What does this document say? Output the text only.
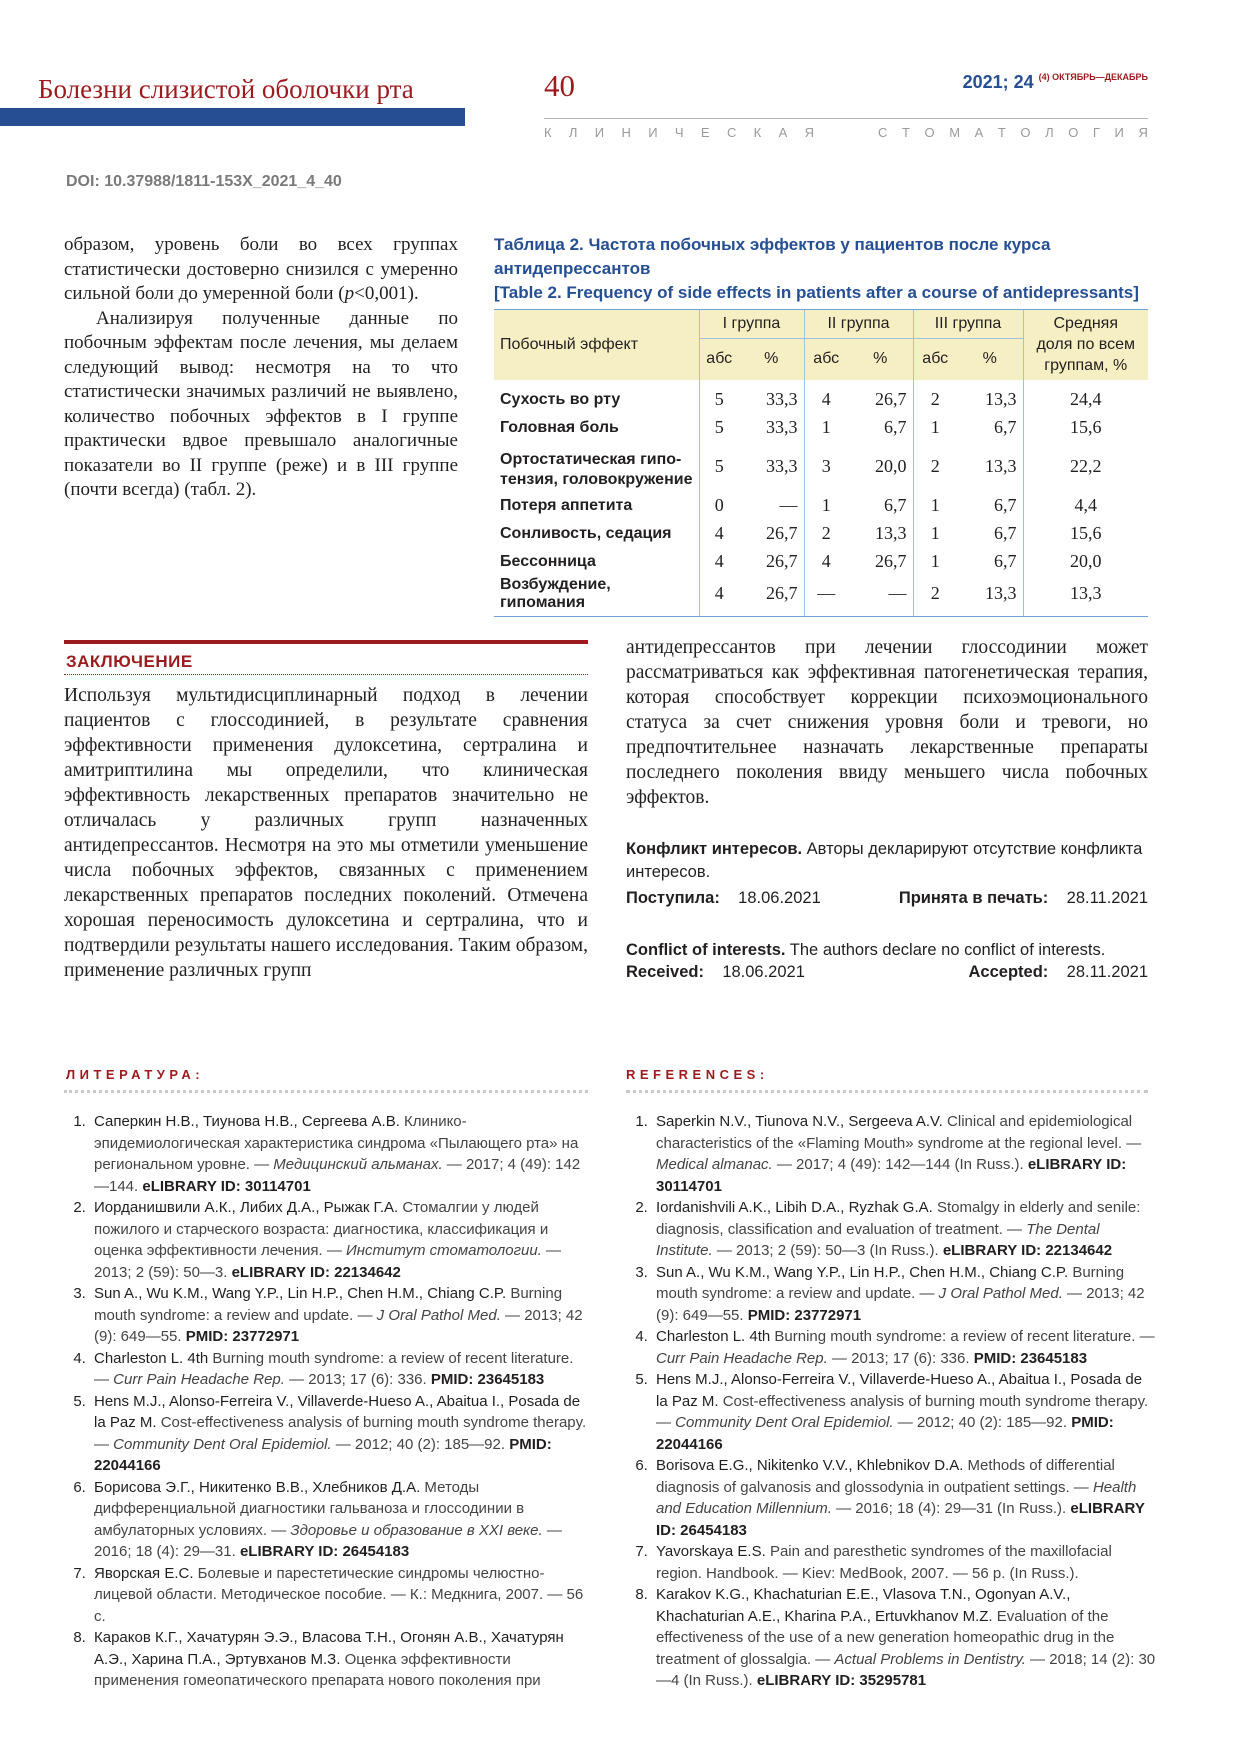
Болезни слизистой оболочки рта	40	2021; 24 $^{(4) ОКТЯБРЬ—ДЕКАБРЬ}$
К Л И Н И Ч Е С К А Я	С Т О М А Т О Л О Г И Я
DOI: 10.37988/1811-153X_2021_4_40

образом, уровень боли во всех группах статистически достоверно снизился с умеренно сильной боли до умеренной боли (p<0,001).

Анализируя полученные данные по побочным эффектам после лечения, мы делаем следующий вывод: несмотря на то что статистически значимых различий не выявлено, количество побочных эффектов в I группе практически вдвое превышало аналогичные показатели во II группе (реже) и в III группе (почти всегда) (табл. 2).

Таблица 2. Частота побочных эффектов у пациентов после курса
антидепрессантов
[Table 2. Frequency of side effects in patients after a course of antidepressants]
Побочный эффект	I группа		II группа		III группа		Средняя
доля по всем
группам, %
	абс	%	абс	%	абс	%	
Сухость во рту	5	33,3	4	26,7	2	13,3	24,4
Головная боль	5	33,3	1	6,7	1	6,7	15,6
Ортостатическая гипо-
тензия, головокружение	5	33,3	3	20,0	2	13,3	22,2
Потеря аппетита	0	—	1	6,7	1	6,7	4,4
Сонливость, седация	4	26,7	2	13,3	1	6,7	15,6
Бессонница	4	26,7	4	26,7	1	6,7	20,0
Возбуждение, гипомания	4	26,7	—	—	2	13,3	13,3
ЗАКЛЮЧЕНИЕ
Используя мультидисциплинарный подход в лечении пациентов с глоссодинией, в результате сравнения эффективности применения дулоксетина, сертралина и амитриптилина мы определили, что клиническая эффективность лекарственных препаратов значительно не отличалась у различных групп назначенных антидепрессантов. Несмотря на это мы отметили уменьшение числа побочных эффектов, связанных с применением лекарственных препаратов последних поколений. Отмечена хорошая переносимость дулоксетина и сертралина, что и подтвердили результаты нашего исследования. Таким образом, применение различных групп
антидепрессантов при лечении глоссодинии может рассматриваться как эффективная патогенетическая терапия, которая способствует коррекции психоэмоционального статуса за счет снижения уровня боли и тревоги, но предпочтительнее назначать лекарственные препараты последнего поколения ввиду меньшего числа побочных эффектов.
Конфликт интересов. Авторы декларируют отсутствие конфликта интересов.
Поступила: 18.06.2021	Принята в печать: 28.11.2021
Conflict of interests. The authors declare no conflict of interests.
Received: 18.06.2021	Accepted: 28.11.2021
ЛИТЕРАТУРА:
1. Саперкин Н.В., Тиунова Н.В., Сергеева А.В. Клинико-эпидемиологическая характеристика синдрома «Пылающего рта» на региональном уровне. — Медицинский альманах. — 2017; 4 (49): 142—144. eLIBRARY ID: 30114701
2. Иорданишвили А.К., Либих Д.А., Рыжак Г.А. Стомалгии у людей пожилого и старческого возраста: диагностика, классификация и оценка эффективности лечения. — Институт стоматологии. — 2013; 2 (59): 50—3. eLIBRARY ID: 22134642
3. Sun A., Wu K.M., Wang Y.P., Lin H.P., Chen H.M., Chiang C.P. Burning mouth syndrome: a review and update. — J Oral Pathol Med. — 2013; 42 (9): 649—55. PMID: 23772971
4. Charleston L. 4th Burning mouth syndrome: a review of recent literature. — Curr Pain Headache Rep. — 2013; 17 (6): 336. PMID: 23645183
5. Hens M.J., Alonso-Ferreira V., Villaverde-Hueso A., Abaitua I., Posada de la Paz M. Cost-effectiveness analysis of burning mouth syndrome therapy. — Community Dent Oral Epidemiol. — 2012; 40 (2): 185—92. PMID: 22044166
6. Борисова Э.Г., Никитенко В.В., Хлебников Д.А. Методы дифференциальной диагностики гальваноза и глоссодинии в амбулаторных условиях. — Здоровье и образование в XXI веке. — 2016; 18 (4): 29—31. eLIBRARY ID: 26454183
7. Яворская Е.С. Болевые и парестетические синдромы челюстно-лицевой области. Методическое пособие. — К.: Медкнига, 2007. — 56 с.
8. Караков К.Г., Хачатурян Э.Э., Власова Т.Н., Огонян А.В., Хачатурян А.Э., Харина П.А., Эртувханов М.З. Оценка эффективности применения гомеопатического препарата нового поколения при
REFERENCES:
1. Saperkin N.V., Tiunova N.V., Sergeeva A.V. Clinical and epidemiological characteristics of the «Flaming Mouth» syndrome at the regional level. — Medical almanac. — 2017; 4 (49): 142—144 (In Russ.). eLIBRARY ID: 30114701
2. Iordanishvili A.K., Libih D.A., Ryzhak G.A. Stomalgy in elderly and senile: diagnosis, classification and evaluation of treatment. — The Dental Institute. — 2013; 2 (59): 50—3 (In Russ.). eLIBRARY ID: 22134642
3. Sun A., Wu K.M., Wang Y.P., Lin H.P., Chen H.M., Chiang C.P. Burning mouth syndrome: a review and update. — J Oral Pathol Med. — 2013; 42 (9): 649—55. PMID: 23772971
4. Charleston L. 4th Burning mouth syndrome: a review of recent literature. — Curr Pain Headache Rep. — 2013; 17 (6): 336. PMID: 23645183
5. Hens M.J., Alonso-Ferreira V., Villaverde-Hueso A., Abaitua I., Posada de la Paz M. Cost-effectiveness analysis of burning mouth syndrome therapy. — Community Dent Oral Epidemiol. — 2012; 40 (2): 185—92. PMID: 22044166
6. Borisova E.G., Nikitenko V.V., Khlebnikov D.A. Methods of differential diagnosis of galvanosis and glossodynia in outpatient settings. — Health and Education Millennium. — 2016; 18 (4): 29—31 (In Russ.). eLIBRARY ID: 26454183
7. Yavorskaya E.S. Pain and paresthetic syndromes of the maxillofacial region. Handbook. — Kiev: MedBook, 2007. — 56 p. (In Russ.).
8. Karakov K.G., Khachaturian E.E., Vlasova T.N., Ogonyan A.V., Khachaturian A.E., Kharina P.A., Ertuvkhanov M.Z. Evaluation of the effectiveness of the use of a new generation homeopathic drug in the treatment of glossalgia. — Actual Problems in Dentistry. — 2018; 14 (2): 30—4 (In Russ.). eLIBRARY ID: 35295781
